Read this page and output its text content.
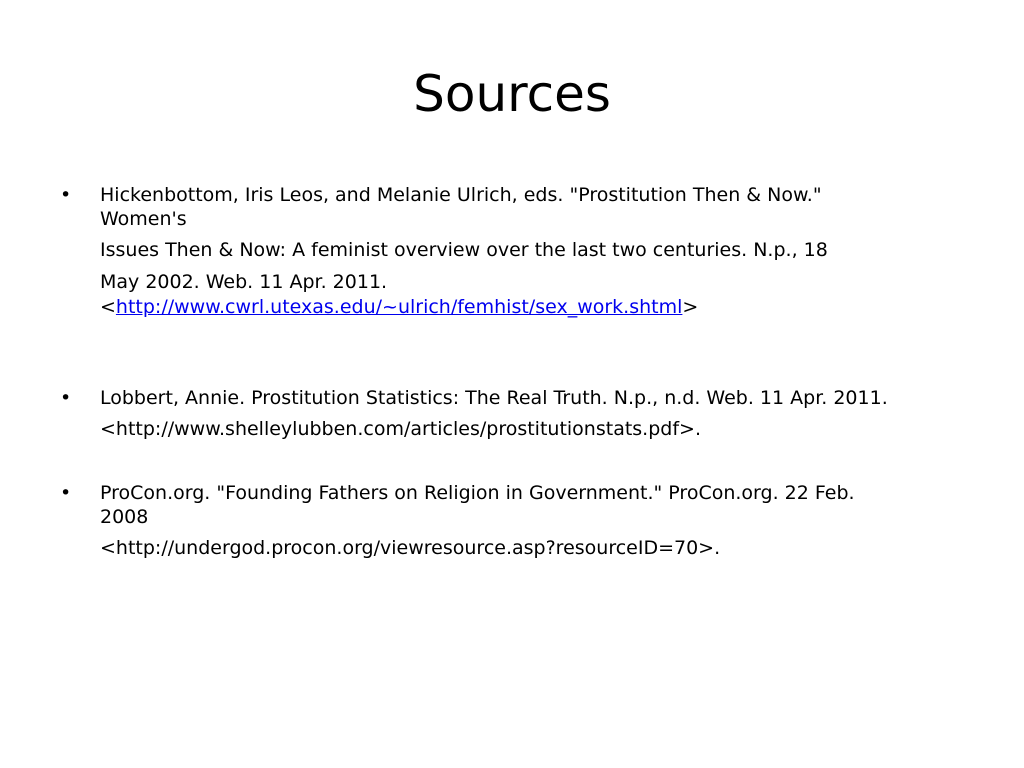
Sources
• Hickenbottom, Iris Leos, and Melanie Ulrich, eds. "Prostitution Then & Now."
Women's
Issues Then & Now: A feminist overview over the last two centuries. N.p., 18
May 2002. Web. 11 Apr. 2011.
<http://www.cwrl.utexas.edu/~ulrich/femhist/sex_work.shtml>
• Lobbert, Annie. Prostitution Statistics: The Real Truth. N.p., n.d. Web. 11 Apr. 2011.
<http://www.shelleylubben.com/articles/prostitutionstats.pdf>.
• ProCon.org. "Founding Fathers on Religion in Government." ProCon.org. 22 Feb.
2008
<http://undergod.procon.org/viewresource.asp?resourceID=70>.
